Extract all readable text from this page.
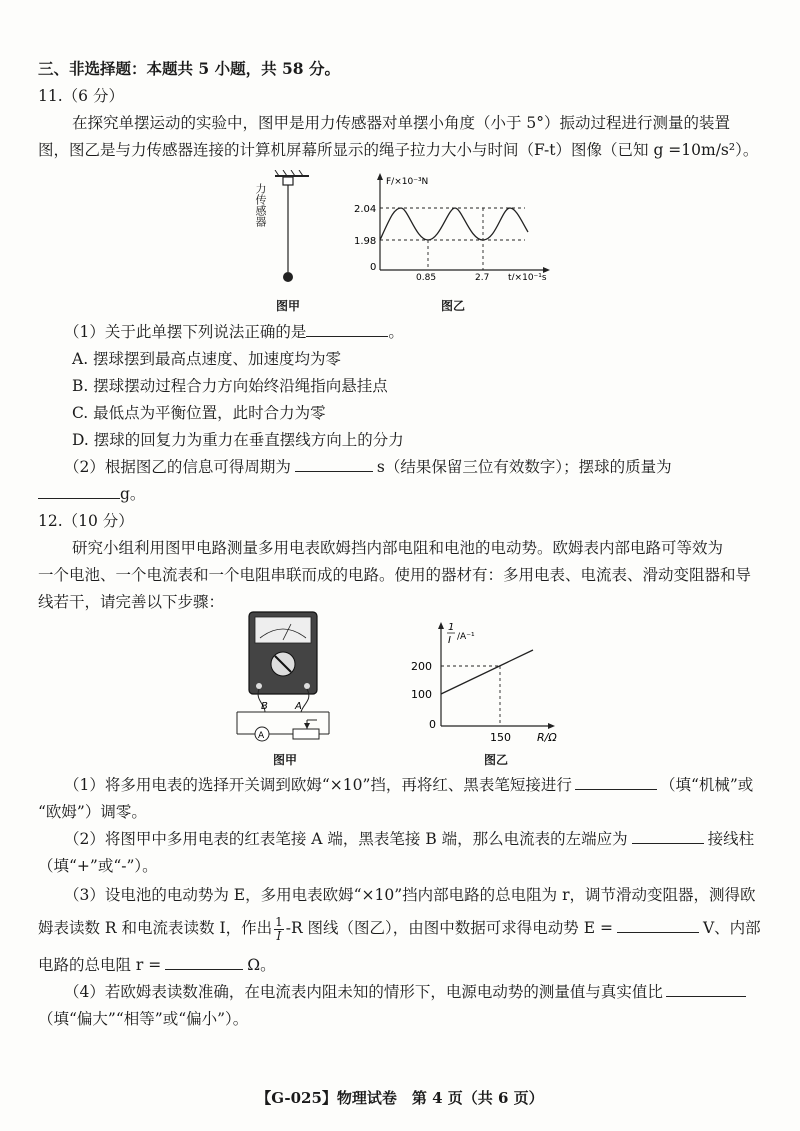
三、非选择题：本题共 5 小题，共 58 分。
11.（6 分）
在探究单摆运动的实验中，图甲是用力传感器对单摆小角度（小于 5°）振动过程进行测量的装置
图，图乙是与力传感器连接的计算机屏幕所显示的绳子拉力大小与时间（F-t）图像（已知 g =10m/s²）。
力传感器
图甲
F/×10⁻³N
2.04
1.98
0
0.85	2.7 t/×10⁻¹s
图乙
（1）关于此单摆下列说法正确的是	。
A. 摆球摆到最高点速度、加速度均为零
B. 摆球摆动过程合力方向始终沿绳指向悬挂点
C. 最低点为平衡位置，此时合力为零
D. 摆球的回复力为重力在垂直摆线方向上的分力
（2）根据图乙的信息可得周期为	s（结果保留三位有效数字）；摆球的质量为
g。
12.（10 分）
研究小组利用图甲电路测量多用电表欧姆挡内部电阻和电池的电动势。欧姆表内部电路可等效为
一个电池、一个电流表和一个电阻串联而成的电路。使用的器材有：多用电表、电流表、滑动变阻器和导
线若干，请完善以下步骤：
A
B	A
图甲
1
I /A⁻¹
200
100
0
150 R/Ω
图乙
（1）将多用电表的选择开关调到欧姆“×10”挡，再将红、黑表笔短接进行	（填“机械”或
“欧姆”）调零。
（2）将图甲中多用电表的红表笔接 A 端，黑表笔接 B 端，那么电流表的左端应为	接线柱
（填“+”或“-”）。
（3）设电池的电动势为 E，多用电表欧姆“×10”挡内部电路的总电阻为 r，调节滑动变阻器，测得欧
姆表读数 R 和电流表读数 I，作出 $\frac{1}{I} -R$ 图线（图乙），由图中数据可求得电动势 E =	V、内部
电路的总电阻 r =	Ω。
（4）若欧姆表读数准确，在电流表内阻未知的情形下，电源电动势的测量值与真实值比
（填“偏大”“相等”或“偏小”）。
【G-025】物理试卷　第 4 页（共 6 页）
